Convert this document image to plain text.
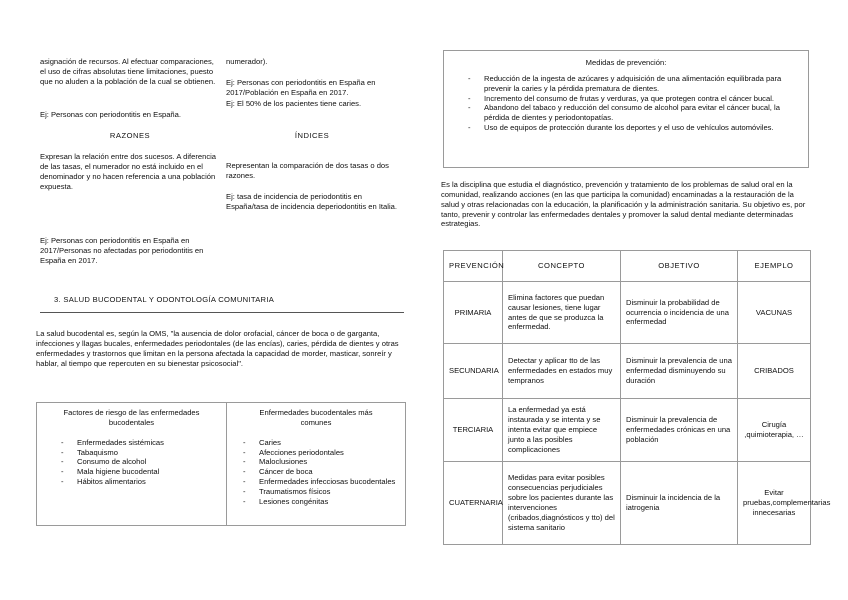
asignación de recursos. Al efectuar comparaciones, el uso de cifras absolutas tiene limitaciones, puesto que no aluden a la población de la cual se obtienen.
Ej: Personas con periodontitis en España.
numerador).
Ej: Personas con periodontitis en España en 2017/Población en España en 2017.
Ej: El 50% de los pacientes tiene caries.
RAZONES	ÍNDICES
Expresan la relación entre dos sucesos. A diferencia de las tasas, el numerador no está incluido en el denominador y no hacen referencia a una población expuesta.
Ej: Personas con periodontitis en España en 2017/Personas no afectadas por periodontitis en España en 2017.
Representan la comparación de dos tasas o dos razones.
Ej: tasa de incidencia de periodontitis en España/tasa de incidencia deperiodontitis en Italia.
3. SALUD BUCODENTAL Y ODONTOLOGÍA COMUNITARIA
La salud bucodental es, según la OMS, "la ausencia de dolor orofacial, cáncer de boca o de garganta, infecciones y llagas bucales, enfermedades periodontales (de las encías), caries, pérdida de dientes y otras enfermedades y trastornos que limitan en la persona afectada la capacidad de morder, masticar, sonreír y hablar, al tiempo que repercuten en su bienestar psicosocial".
Factores de riesgo de las enfermedades bucodentales
- Enfermedades sistémicas
- Tabaquismo
- Consumo de alcohol
- Mala higiene bucodental
- Hábitos alimentarios
Enfermedades bucodentales más comunes
- Caries
- Afecciones periodontales
- Maloclusiones
- Cáncer de boca
- Enfermedades infecciosas bucodentales
- Traumatismos físicos
- Lesiones congénitas
Medidas de prevención:
- Reducción de la ingesta de azúcares y adquisición de una alimentación equilibrada para prevenir la caries y la pérdida prematura de dientes.
- Incremento del consumo de frutas y verduras, ya que protegen contra el cáncer bucal.
- Abandono del tabaco y reducción del consumo de alcohol para evitar el cáncer bucal, la pérdida de dientes y periodontopatías.
- Uso de equipos de protección durante los deportes y el uso de vehículos automóviles.
Es la disciplina que estudia el diagnóstico, prevención y tratamiento de los problemas de salud oral en la comunidad, realizando acciones (en las que participa la comunidad) encaminadas a la restauración de la salud y otras relacionadas con la educación, la planificación y la administración sanitaria. Su objetivo es, por tanto, prevenir y controlar las enfermedades dentales y promover la salud dental mediante determinadas estrategias.
PREVENCIÓN	CONCEPTO	OBJETIVO	EJEMPLO
PRIMARIA	Elimina factores que puedan causar lesiones, tiene lugar antes de que se produzca la enfermedad.	Disminuir la probabilidad de ocurrencia o incidencia de una enfermedad	VACUNAS
SECUNDARIA	Detectar y aplicar tto de las enfermedades en estados muy tempranos	Disminuir la prevalencia de una enfermedad disminuyendo su duración	CRIBADOS
TERCIARIA	La enfermedad ya está instaurada y se intenta y se intenta evitar que empiece junto a las posibles complicaciones	Disminuir la prevalencia de enfermedades crónicas en una población	Cirugía ,quimioterapia, …
CUATERNARIA	Medidas para evitar posibles consecuencias perjudiciales sobre los pacientes durante las intervenciones (cribados,diagnósticos y tto) del sistema sanitario	Disminuir la incidencia de la iatrogenia	Evitar pruebas,complementarias innecesarias
